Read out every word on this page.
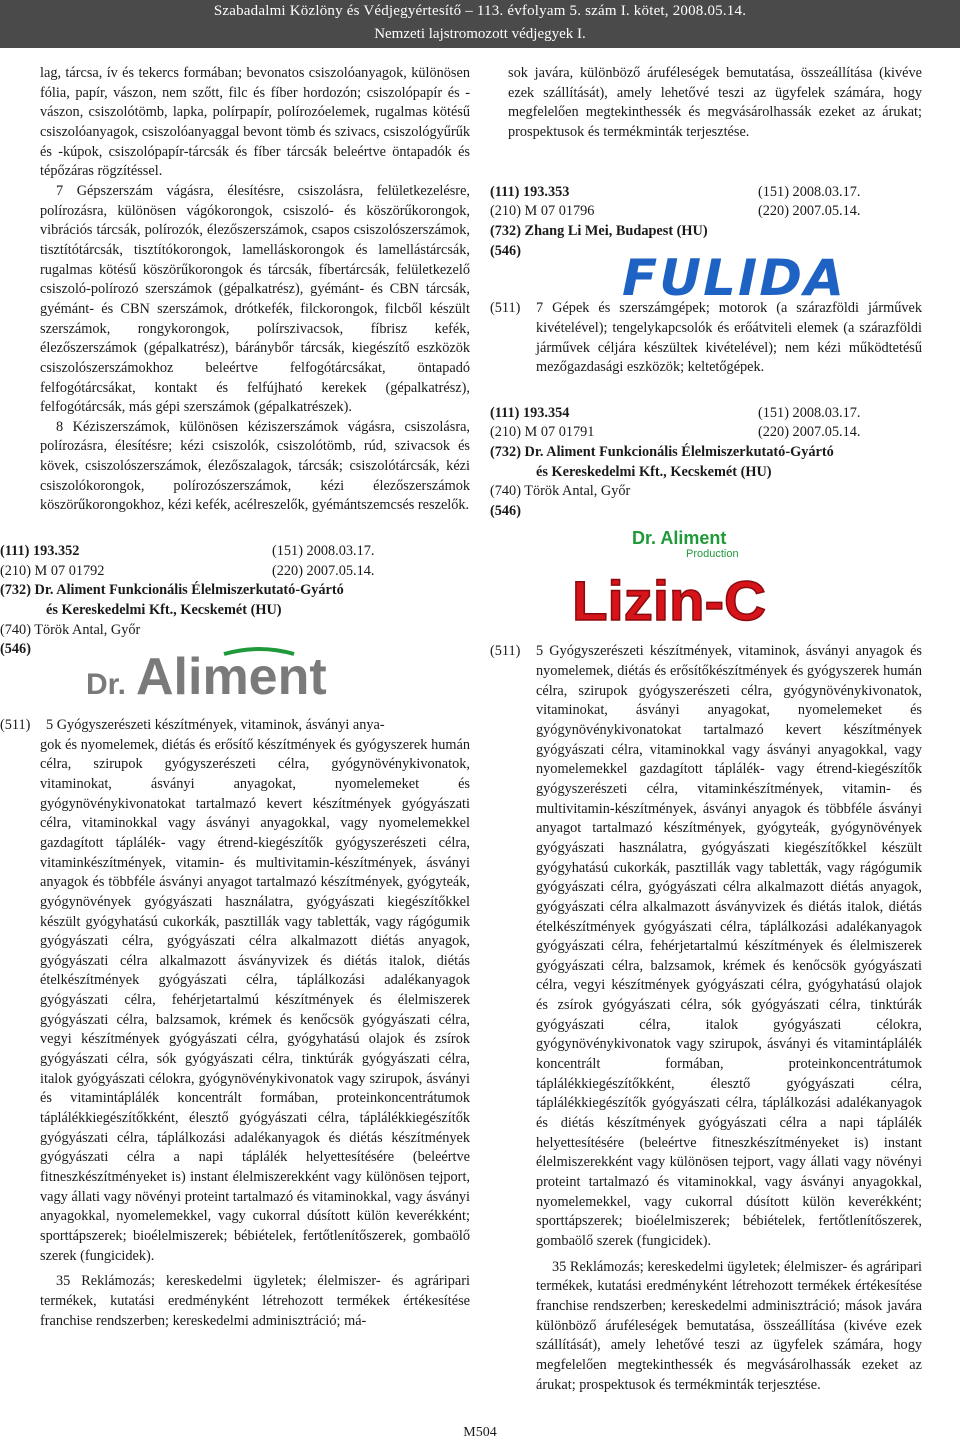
Szabadalmi Közlöny és Védjegyértesítő – 113. évfolyam 5. szám I. kötet, 2008.05.14.
Nemzeti lajstromozott védjegyek I.

lag, tárcsa, ív és tekercs formában; bevonatos csiszolóanyagok, különösen fólia, papír, vászon, nem szőtt, filc és fíber hordozón; csiszolópapír és -vászon, csiszolótömb, lapka, polírpapír, polírozóelemek, rugalmas kötésű csiszolóanyagok, csiszolóanyaggal bevont tömb és szivacs, csiszológyűrűk és -kúpok, csiszolópapír-tárcsák és fíber tárcsák beleértve öntapadók és tépőzáras rögzítéssel.

7 Gépszerszám vágásra, élesítésre, csiszolásra, felületkezelésre, polírozásra, különösen vágókorongok, csiszoló- és köszörűkorongok, vibrációs tárcsák, polírozók, élezőszerszámok, csapos csiszolószerszámok, tisztítótárcsák, tisztítókorongok, lamelláskorongok és lamellástárcsák, rugalmas kötésű köszörűkorongok és tárcsák, fíbertárcsák, felületkezelő csiszoló-polírozó szerszámok (gépalkatrész), gyémánt- és CBN tárcsák, gyémánt- és CBN szerszámok, drótkefék, filckorongok, filcből készült szerszámok, rongykorongok, polírszivacsok, fíbrisz kefék, élezőszerszámok (gépalkatrész), báránybőr tárcsák, kiegészítő eszközök csiszolószerszámokhoz beleértve felfogótárcsákat, öntapadó felfogótárcsákat, kontakt és felfújható kerekek (gépalkatrész), felfogótárcsák, más gépi szerszámok (gépalkatrészek).

8 Kéziszerszámok, különösen kéziszerszámok vágásra, csiszolásra, polírozásra, élesítésre; kézi csiszolók, csiszolótömb, rúd, szivacsok és kövek, csiszolószerszámok, élezőszalagok, tárcsák; csiszolótárcsák, kézi csiszolókorongok, polírozószerszámok, kézi élezőszerszámok köszörűkorongokhoz, kézi kefék, acélreszelők, gyémántszemcsés reszelők.

(111) 193.352	(151) 2008.03.17.
(210) M 07 01792	(220) 2007.05.14.
(732) Dr. Aliment Funkcionális Élelmiszerkutató-Gyártó
és Kereskedelmi Kft., Kecskemét (HU)
(740) Török Antal, Győr
(546)
Dr. Aliment
(511) 5 Gyógyszerészeti készítmények, vitaminok, ásványi anya-

gok és nyomelemek, diétás és erősítő készítmények és gyógyszerek humán célra, szirupok gyógyszerészeti célra, gyógynövénykivonatok, vitaminokat, ásványi anyagokat, nyomelemeket és gyógynövénykivonatokat tartalmazó kevert készítmények gyógyászati célra, vitaminokkal vagy ásványi anyagokkal, vagy nyomelemekkel gazdagított táplálék- vagy étrend-kiegészítők gyógyszerészeti célra, vitaminkészítmények, vitamin- és multivitamin-készítmények, ásványi anyagok és többféle ásványi anyagot tartalmazó készítmények, gyógyteák, gyógynövények gyógyászati használatra, gyógyászati kiegészítőkkel készült gyógyhatású cukorkák, pasztillák vagy tabletták, vagy rágógumik gyógyászati célra, gyógyászati célra alkalmazott diétás anyagok, gyógyászati célra alkalmazott ásványvizek és diétás italok, diétás ételkészítmények gyógyászati célra, táplálkozási adalékanyagok gyógyászati célra, fehérjetartalmú készítmények és élelmiszerek gyógyászati célra, balzsamok, krémek és kenőcsök gyógyászati célra, vegyi készítmények gyógyászati célra, gyógyhatású olajok és zsírok gyógyászati célra, sók gyógyászati célra, tinktúrák gyógyászati célra, italok gyógyászati célokra, gyógynövénykivonatok vagy szirupok, ásványi és vitamintáplálék koncentrált formában, proteinkoncentrátumok táplálékkiegészítőkként, élesztő gyógyászati célra, táplálékkiegészítők gyógyászati célra, táplálkozási adalékanyagok és diétás készítmények gyógyászati célra a napi táplálék helyettesítésére (beleértve fitneszkészítményeket is) instant élelmiszerekként vagy különösen tejport, vagy állati vagy növényi proteint tartalmazó és vitaminokkal, vagy ásványi anyagokkal, nyomelemekkel, vagy cukorral dúsított külön keverékként; sporttápszerek; bioélelmiszerek; bébiételek, fertőtlenítőszerek, gombaölő szerek (fungicidek).

35 Reklámozás; kereskedelmi ügyletek; élelmiszer- és agráripari termékek, kutatási eredményként létrehozott termékek értékesítése franchise rendszerben; kereskedelmi adminisztráció; má-

sok javára, különböző áruféleségek bemutatása, összeállítása (kivéve ezek szállítását), amely lehetővé teszi az ügyfelek számára, hogy megfelelően megtekinthessék és megvásárolhassák ezeket az árukat; prospektusok és termékminták terjesztése.

(111) 193.353	(151) 2008.03.17.
(210) M 07 01796	(220) 2007.05.14.
(732) Zhang Li Mei, Budapest (HU)
(546)	FULIDA
(511) 7 Gépek és szerszámgépek; motorok (a szárazföldi járművek kivételével); tengelykapcsolók és erőátviteli elemek (a szárazföldi járművek céljára készültek kivételével); nem kézi működtetésű mezőgazdasági eszközök; keltetőgépek.
(111) 193.354	(151) 2008.03.17.
(210) M 07 01791	(220) 2007.05.14.
(732) Dr. Aliment Funkcionális Élelmiszerkutató-Gyártó
és Kereskedelmi Kft., Kecskemét (HU)
(740) Török Antal, Győr
(546)
Dr. Aliment
Production
Lizin-C
(511) 5 Gyógyszerészeti készítmények, vitaminok, ásványi anyagok és nyomelemek, diétás és erősítőkészítmények és gyógyszerek humán célra, szirupok gyógyszerészeti célra, gyógynövénykivonatok, vitaminokat, ásványi anyagokat, nyomelemeket és gyógynövénykivonatokat tartalmazó kevert készítmények gyógyászati célra, vitaminokkal vagy ásványi anyagokkal, vagy nyomelemekkel gazdagított táplálék- vagy étrend-kiegészítők gyógyszerészeti célra, vitaminkészítmények, vitamin- és multivitamin-készítmények, ásványi anyagok és többféle ásványi anyagot tartalmazó készítmények, gyógyteák, gyógynövények gyógyászati használatra, gyógyászati kiegészítőkkel készült gyógyhatású cukorkák, pasztillák vagy tabletták, vagy rágógumik gyógyászati célra, gyógyászati célra alkalmazott diétás anyagok, gyógyászati célra alkalmazott ásványvizek és diétás italok, diétás ételkészítmények gyógyászati célra, táplálkozási adalékanyagok gyógyászati célra, fehérjetartalmú készítmények és élelmiszerek gyógyászati célra, balzsamok, krémek és kenőcsök gyógyászati célra, vegyi készítmények gyógyászati célra, gyógyhatású olajok és zsírok gyógyászati célra, sók gyógyászati célra, tinktúrák gyógyászati célra, italok gyógyászati célokra, gyógynövénykivonatok vagy szirupok, ásványi és vitamintáplálék koncentrált formában, proteinkoncentrátumok táplálékkiegészítőkként, élesztő gyógyászati célra, táplálékkiegészítők gyógyászati célra, táplálkozási adalékanyagok és diétás készítmények gyógyászati célra a napi táplálék helyettesítésére (beleértve fitneszkészítményeket is) instant élelmiszerekként vagy különösen tejport, vagy állati vagy növényi proteint tartalmazó és vitaminokkal, vagy ásványi anyagokkal, nyomelemekkel, vagy cukorral dúsított külön keverékként; sporttápszerek; bioélelmiszerek; bébiételek, fertőtlenítőszerek, gombaölő szerek (fungicidek).

35 Reklámozás; kereskedelmi ügyletek; élelmiszer- és agráripari termékek, kutatási eredményként létrehozott termékek értékesítése franchise rendszerben; kereskedelmi adminisztráció; mások javára különböző áruféleségek bemutatása, összeállítása (kivéve ezek szállítását), amely lehetővé teszi az ügyfelek számára, hogy megfelelően megtekinthessék és megvásárolhassák ezeket az árukat; prospektusok és termékminták terjesztése.

M504
